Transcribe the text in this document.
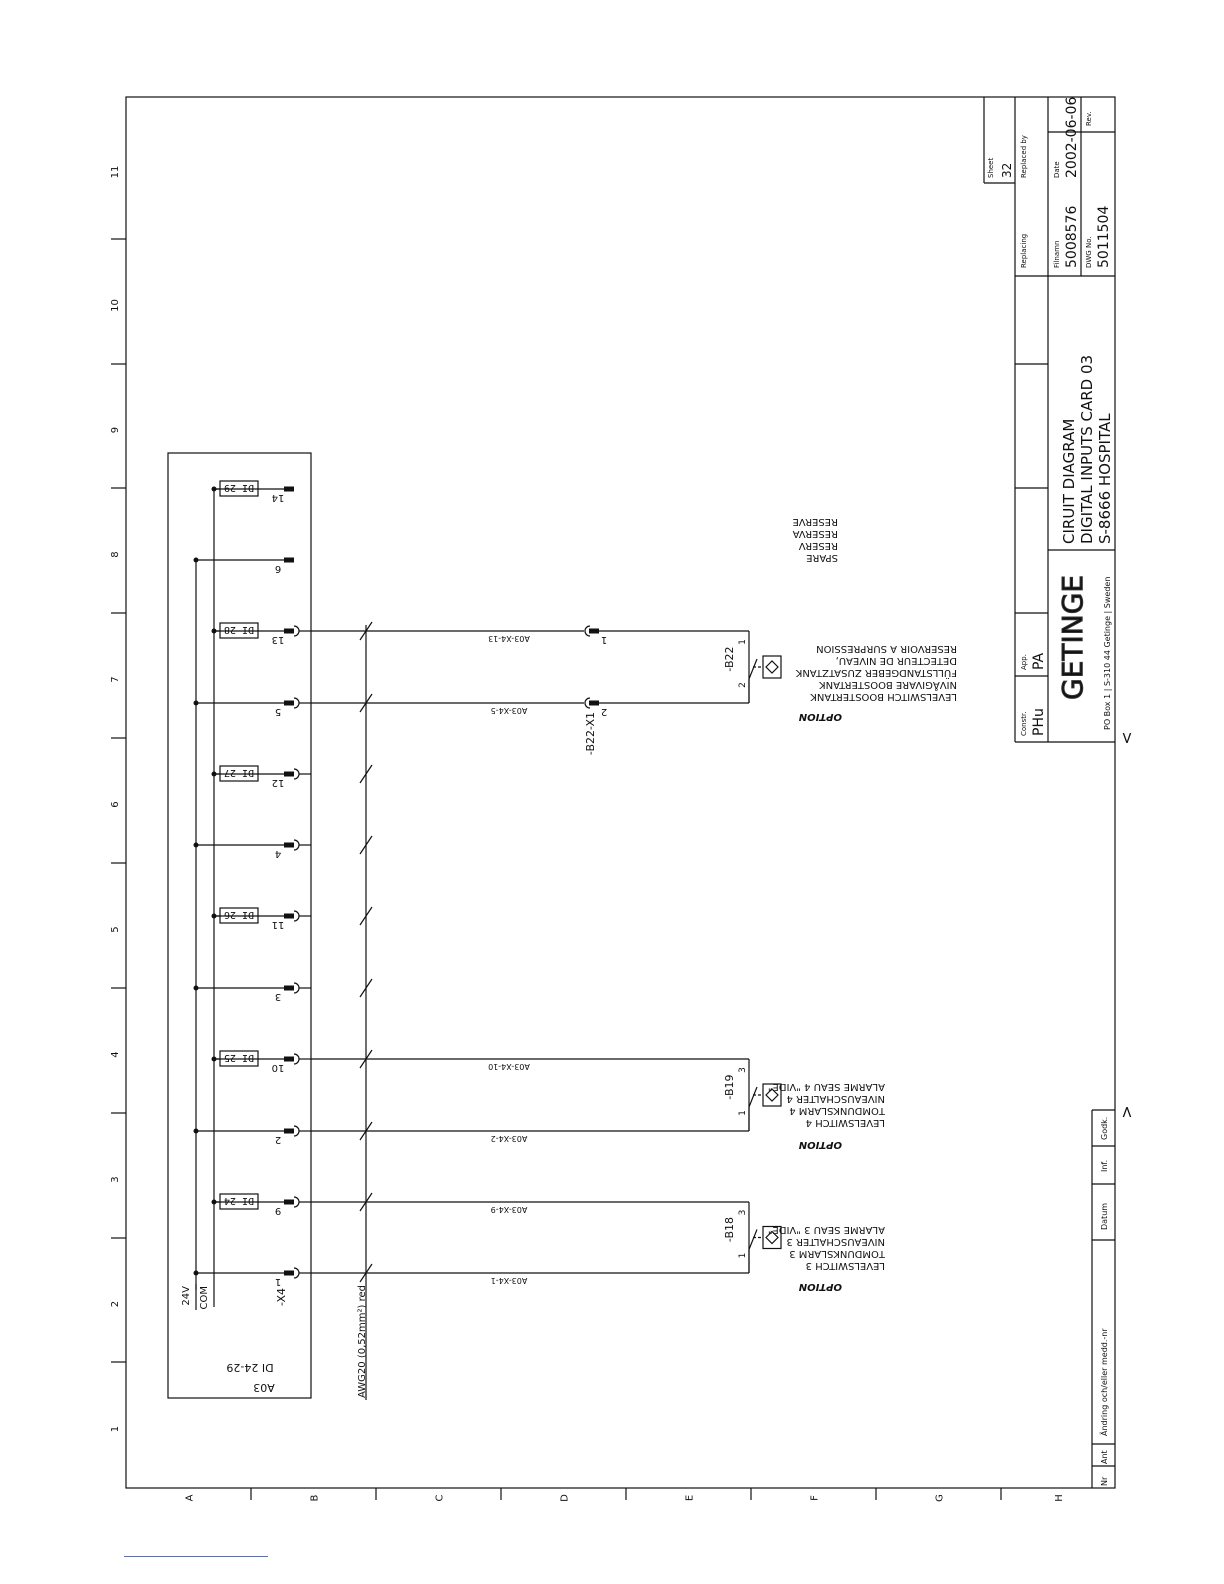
1
2
3
4
5
6
7
8
9
10
11
A	B	C	D	E	F	G	H
1
9
DI 24
2
10
DI 25
3
11
DI 26
4
12
DI 27
5
13
DI 28
6
14
DI 29
A03
DI 24-29
-X4
24V COM	AWG20 (0,52mm²) red
A03-X4-1
A03-X4-9
A03-X4-2
A03-X4-10
A03-X4-5
A03-X4-13
2
1
-B22-X1
-B18
1
3
OPTION
LEVELSWITCH 3
TOMDUNKSLARM 3
NIVEAUSCHALTER 3
ALARME SEAU 3 "VIDE"
-B19
1
3
OPTION
LEVELSWITCH 4
TOMDUNKSLARM 4
NIVEAUSCHALTER 4
ALARME SEAU 4 "VIDE"
-B22
2
1
OPTION
LEVELSWITCH BOOSTERTANK
NIVÅGIVARE BOOSTERTANK
FÜLLSTANDGEBER ZUSATZTANK
DETECTEUR DE NIVEAU,
RESERVOIR A SURPRESSION
SPARE
RESERV
RESERVA
RESERVE
Sheet 32 Replaced by
Replacing
Date 2002-06-06 Rev.
Filnamn 5008576 DWG No. 5011504
CIRUIT DIAGRAM DIGITAL INPUTS CARD 03 S-8666 HOSPITAL
Constr. PHu
App. PA GETINGE PO Box 1 | S-310 44 Getinge | Sweden
Nr
Ant
Ändring och/eller medd.-nr
Datum
Inf.
Godk.
<
>
